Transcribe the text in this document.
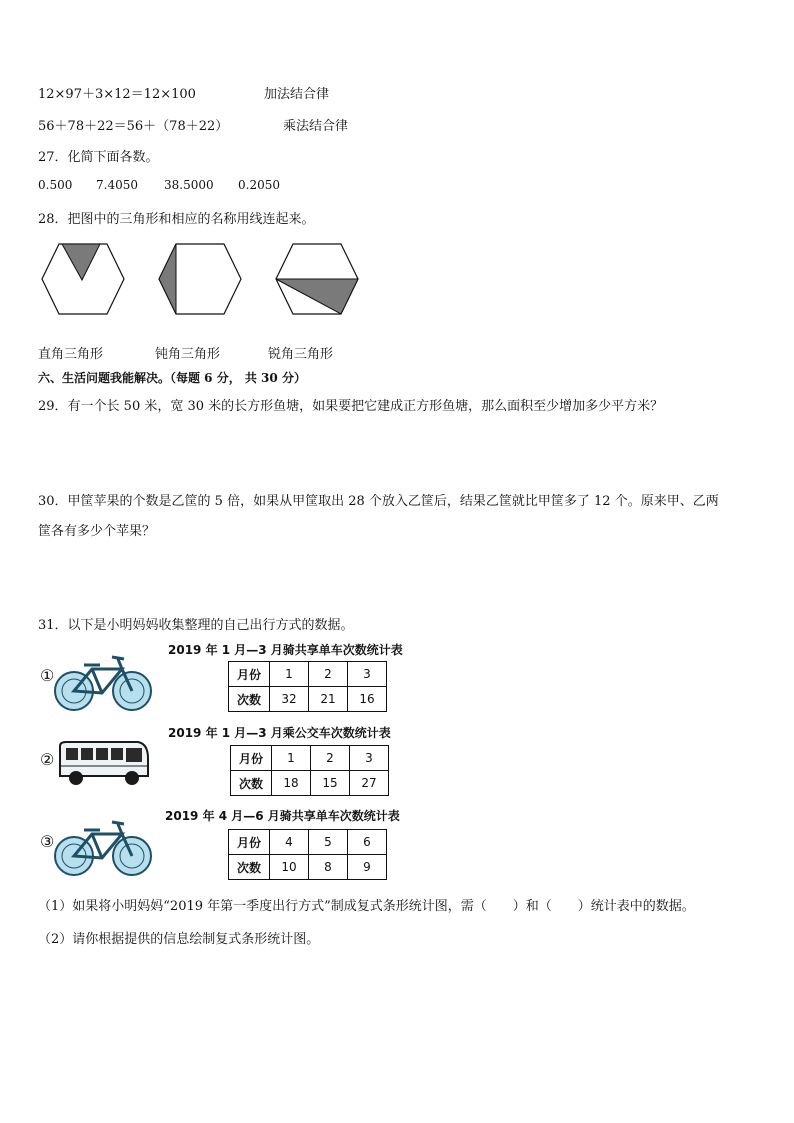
12×97＋3×12＝12×100	加法结合律
56＋78＋22＝56＋（78＋22）	乘法结合律
27．化简下面各数。
0.500 7.4050 38.5000 0.2050
28．把图中的三角形和相应的名称用线连起来。
直角三角形	钝角三角形	锐角三角形
六、生活问题我能解决。（每题 6 分， 共 30 分）
29．有一个长 50 米，宽 30 米的长方形鱼塘，如果要把它建成正方形鱼塘，那么面积至少增加多少平方米？
30．甲筐苹果的个数是乙筐的 5 倍，如果从甲筐取出 28 个放入乙筐后，结果乙筐就比甲筐多了 12 个。原来甲、乙两
筐各有多少个苹果？
31．以下是小明妈妈收集整理的自己出行方式的数据。
2019 年 1 月—3 月骑共享单车次数统计表
①	月份	1	2	3
次数	32	21	16
2019 年 1 月—3 月乘公交车次数统计表
②	月份	1	2	3
次数	18	15	27
2019 年 4 月—6 月骑共享单车次数统计表
③	月份	4	5	6
次数	10	8	9
（1）如果将小明妈妈“2019 年第一季度出行方式”制成复式条形统计图，需（　　）和（　　）统计表中的数据。
（2）请你根据提供的信息绘制复式条形统计图。
